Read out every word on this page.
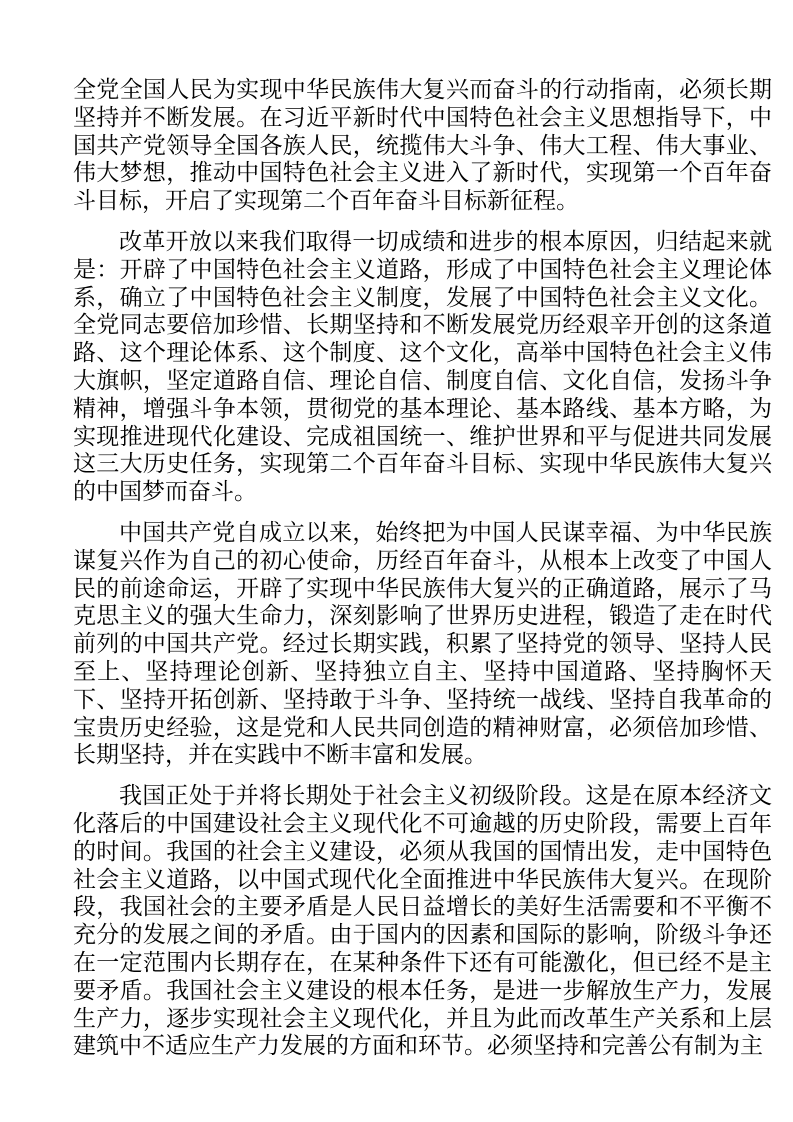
全党全国人民为实现中华民族伟大复兴而奋斗的行动指南，必须长期坚持并不断发展。在习近平新时代中国特色社会主义思想指导下，中国共产党领导全国各族人民，统揽伟大斗争、伟大工程、伟大事业、伟大梦想，推动中国特色社会主义进入了新时代，实现第一个百年奋斗目标，开启了实现第二个百年奋斗目标新征程。

改革开放以来我们取得一切成绩和进步的根本原因，归结起来就是：开辟了中国特色社会主义道路，形成了中国特色社会主义理论体系，确立了中国特色社会主义制度，发展了中国特色社会主义文化。全党同志要倍加珍惜、长期坚持和不断发展党历经艰辛开创的这条道路、这个理论体系、这个制度、这个文化，高举中国特色社会主义伟大旗帜，坚定道路自信、理论自信、制度自信、文化自信，发扬斗争精神，增强斗争本领，贯彻党的基本理论、基本路线、基本方略，为实现推进现代化建设、完成祖国统一、维护世界和平与促进共同发展这三大历史任务，实现第二个百年奋斗目标、实现中华民族伟大复兴的中国梦而奋斗。

中国共产党自成立以来，始终把为中国人民谋幸福、为中华民族谋复兴作为自己的初心使命，历经百年奋斗，从根本上改变了中国人民的前途命运，开辟了实现中华民族伟大复兴的正确道路，展示了马克思主义的强大生命力，深刻影响了世界历史进程，锻造了走在时代前列的中国共产党。经过长期实践，积累了坚持党的领导、坚持人民至上、坚持理论创新、坚持独立自主、坚持中国道路、坚持胸怀天下、坚持开拓创新、坚持敢于斗争、坚持统一战线、坚持自我革命的宝贵历史经验，这是党和人民共同创造的精神财富，必须倍加珍惜、长期坚持，并在实践中不断丰富和发展。

我国正处于并将长期处于社会主义初级阶段。这是在原本经济文化落后的中国建设社会主义现代化不可逾越的历史阶段，需要上百年的时间。我国的社会主义建设，必须从我国的国情出发，走中国特色社会主义道路，以中国式现代化全面推进中华民族伟大复兴。在现阶段，我国社会的主要矛盾是人民日益增长的美好生活需要和不平衡不充分的发展之间的矛盾。由于国内的因素和国际的影响，阶级斗争还在一定范围内长期存在，在某种条件下还有可能激化，但已经不是主要矛盾。我国社会主义建设的根本任务，是进一步解放生产力，发展生产力，逐步实现社会主义现代化，并且为此而改革生产关系和上层建筑中不适应生产力发展的方面和环节。必须坚持和完善公有制为主
